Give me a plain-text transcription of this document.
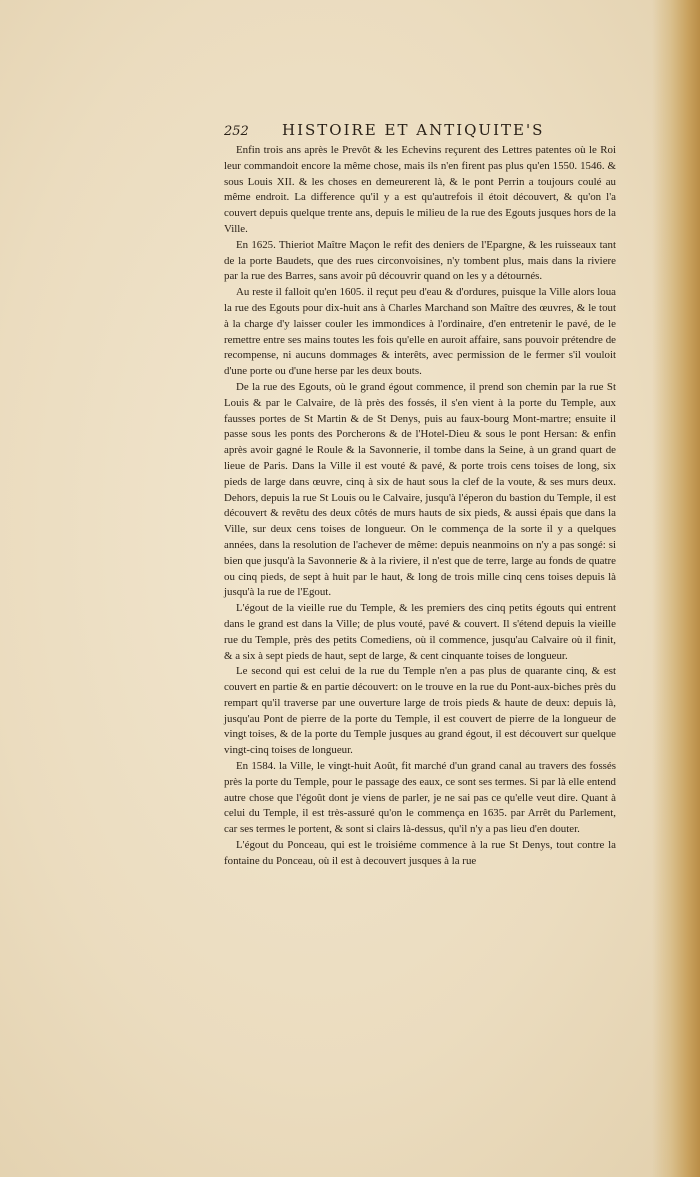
252 HISTOIRE ET ANTIQUITE'S

Enfin trois ans après le Prevôt & les Echevins reçurent des Lettres patentes où le Roi leur commandoit encore la même chose, mais ils n'en firent pas plus qu'en 1550. 1546. & sous Louis XII. & les choses en demeurerent là, & le pont Perrin a toujours coulé au même endroit. La difference qu'il y a est qu'autrefois il étoit découvert, & qu'on l'a couvert depuis quelque trente ans, depuis le milieu de la rue des Egouts jusques hors de la Ville.

En 1625. Thieriot Maître Maçon le refit des deniers de l'Epargne, & les ruisseaux tant de la porte Baudets, que des rues circonvoisines, n'y tombent plus, mais dans la riviere par la rue des Barres, sans avoir pû découvrir quand on les y a détournés.

Au reste il falloit qu'en 1605. il reçut peu d'eau & d'ordures, puisque la Ville alors loua la rue des Egouts pour dix-huit ans à Charles Marchand son Maître des œuvres, & le tout à la charge d'y laisser couler les immondices à l'ordinaire, d'en entretenir le pavé, de le remettre entre ses mains toutes les fois qu'elle en auroit affaire, sans pouvoir prétendre de recompense, ni aucuns dommages & interêts, avec permission de le fermer s'il vouloit d'une porte ou d'une herse par les deux bouts.

De la rue des Egouts, où le grand égout commence, il prend son chemin par la rue St Louis & par le Calvaire, de là près des fossés, il s'en vient à la porte du Temple, aux fausses portes de St Martin & de St Denys, puis au faux-bourg Mont-martre; ensuite il passe sous les ponts des Porcherons & de l'Hotel-Dieu & sous le pont Hersan: & enfin après avoir gagné le Roule & la Savonnerie, il tombe dans la Seine, à un grand quart de lieue de Paris. Dans la Ville il est vouté & pavé, & porte trois cens toises de long, six pieds de large dans œuvre, cinq à six de haut sous la clef de la voute, & ses murs deux. Dehors, depuis la rue St Louis ou le Calvaire, jusqu'à l'éperon du bastion du Temple, il est découvert & revêtu des deux côtés de murs hauts de six pieds, & aussi épais que dans la Ville, sur deux cens toises de longueur. On le commença de la sorte il y a quelques années, dans la resolution de l'achever de même: depuis neanmoins on n'y a pas songé: si bien que jusqu'à la Savonnerie & à la riviere, il n'est que de terre, large au fonds de quatre ou cinq pieds, de sept à huit par le haut, & long de trois mille cinq cens toises depuis là jusqu'à la rue de l'Egout.

L'égout de la vieille rue du Temple, & les premiers des cinq petits égouts qui entrent dans le grand est dans la Ville; de plus vouté, pavé & couvert. Il s'étend depuis la vieille rue du Temple, près des petits Comediens, où il commence, jusqu'au Calvaire où il finit, & a six à sept pieds de haut, sept de large, & cent cinquante toises de longueur.

Le second qui est celui de la rue du Temple n'en a pas plus de quarante cinq, & est couvert en partie & en partie découvert: on le trouve en la rue du Pont-aux-biches près du rempart qu'il traverse par une ouverture large de trois pieds & haute de deux: depuis là, jusqu'au Pont de pierre de la porte du Temple, il est couvert de pierre de la longueur de vingt toises, & de la porte du Temple jusques au grand égout, il est découvert sur quelque vingt-cinq toises de longueur.

En 1584. la Ville, le vingt-huit Août, fit marché d'un grand canal au travers des fossés près la porte du Temple, pour le passage des eaux, ce sont ses termes. Si par là elle entend autre chose que l'égoût dont je viens de parler, je ne sai pas ce qu'elle veut dire. Quant à celui du Temple, il est très-assuré qu'on le commença en 1635. par Arrêt du Parlement, car ses termes le portent, & sont si clairs là-dessus, qu'il n'y a pas lieu d'en douter.

L'égout du Ponceau, qui est le troisiéme commence à la rue St Denys, tout contre la fontaine du Ponceau, où il est à decouvert jusques à la rue
